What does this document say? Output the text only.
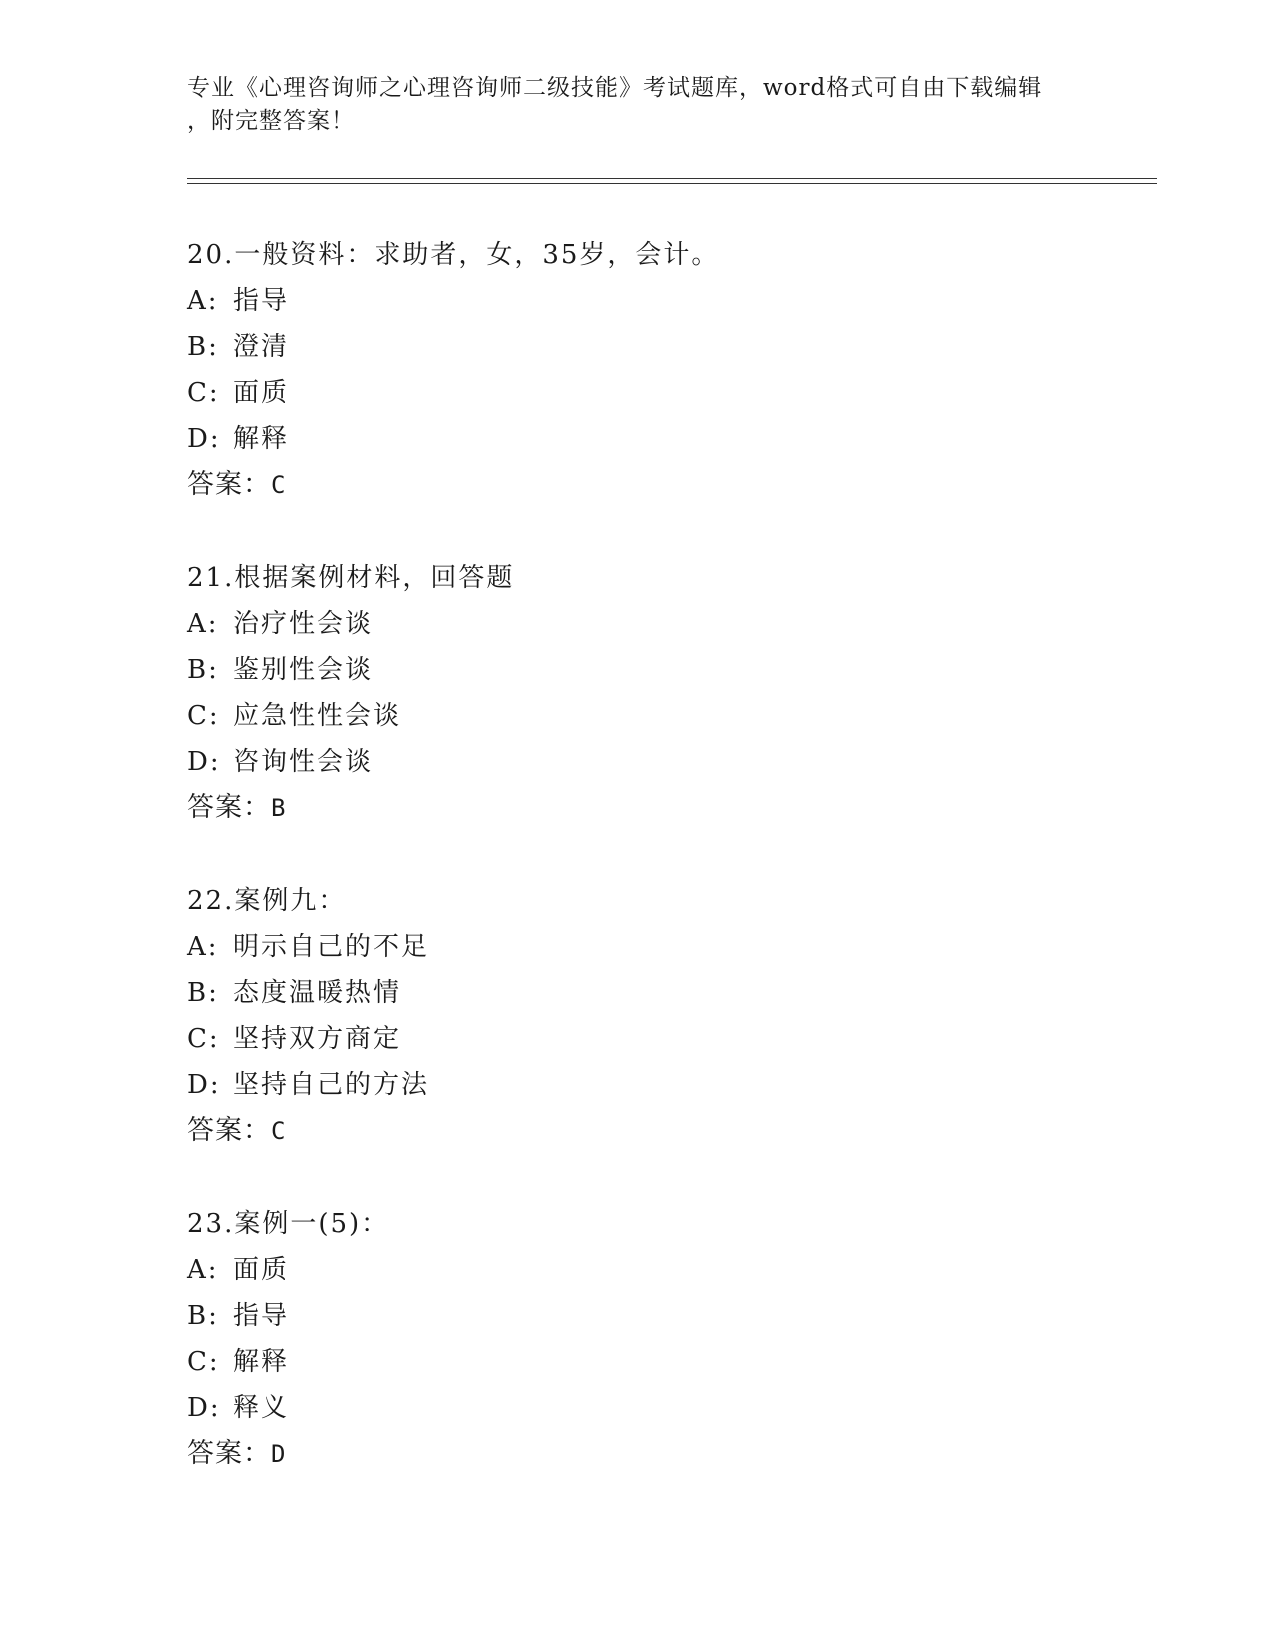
专业《心理咨询师之心理咨询师二级技能》考试题库，word格式可自由下载编辑
，附完整答案！
20.一般资料：求助者，女，35岁，会计。
A: 指导
B: 澄清
C: 面质
D: 解释
答案：C
21.根据案例材料，回答题
A: 治疗性会谈
B: 鉴别性会谈
C: 应急性性会谈
D: 咨询性会谈
答案：B
22.案例九：
A: 明示自己的不足
B: 态度温暖热情
C: 坚持双方商定
D: 坚持自己的方法
答案：C
23.案例一(5)：
A: 面质
B: 指导
C: 解释
D: 释义
答案：D
